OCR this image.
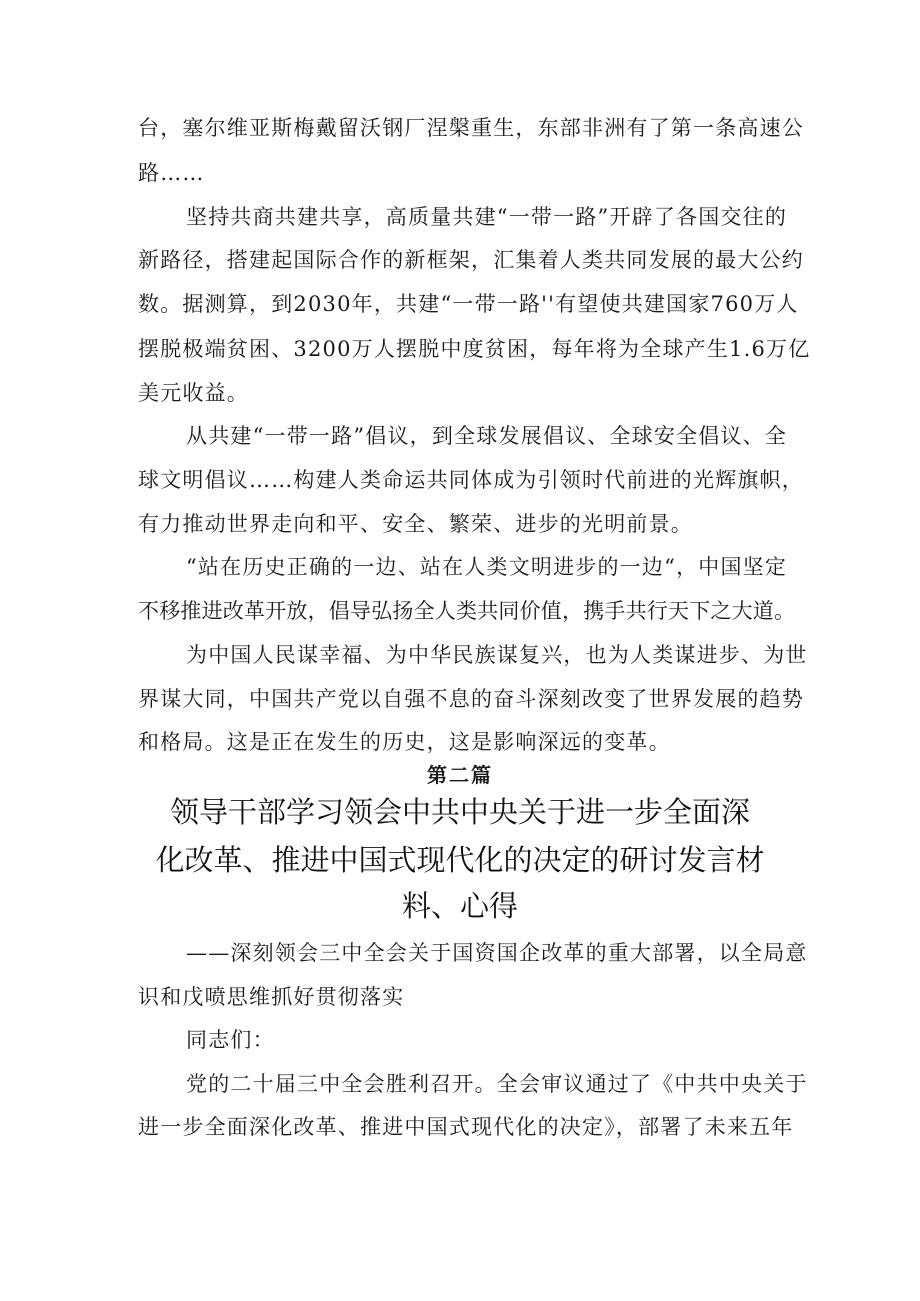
台，塞尔维亚斯梅戴留沃钢厂涅槃重生，东部非洲有了第一条高速公
路……
坚持共商共建共享，高质量共建“一带一路”开辟了各国交往的
新路径，搭建起国际合作的新框架，汇集着人类共同发展的最大公约
数。据测算，到2030年，共建“一带一路''有望使共建国家760万人
摆脱极端贫困、3200万人摆脱中度贫困，每年将为全球产生1.6万亿
美元收益。
从共建“一带一路”倡议，到全球发展倡议、全球安全倡议、全
球文明倡议……构建人类命运共同体成为引领时代前进的光辉旗帜，
有力推动世界走向和平、安全、繁荣、进步的光明前景。
“站在历史正确的一边、站在人类文明进步的一边“，中国坚定
不移推进改革开放，倡导弘扬全人类共同价值，携手共行天下之大道。
为中国人民谋幸福、为中华民族谋复兴，也为人类谋进步、为世
界谋大同，中国共产党以自强不息的奋斗深刻改变了世界发展的趋势
和格局。这是正在发生的历史，这是影响深远的变革。
第二篇
领导干部学习领会中共中央关于进一步全面深
化改革、推进中国式现代化的决定的研讨发言材
料、心得
——深刻领会三中全会关于国资国企改革的重大部署，以全局意
识和戊喷思维抓好贯彻落实
同志们：
党的二十届三中全会胜利召开。全会审议通过了《中共中央关于
进一步全面深化改革、推进中国式现代化的决定》，部署了未来五年
